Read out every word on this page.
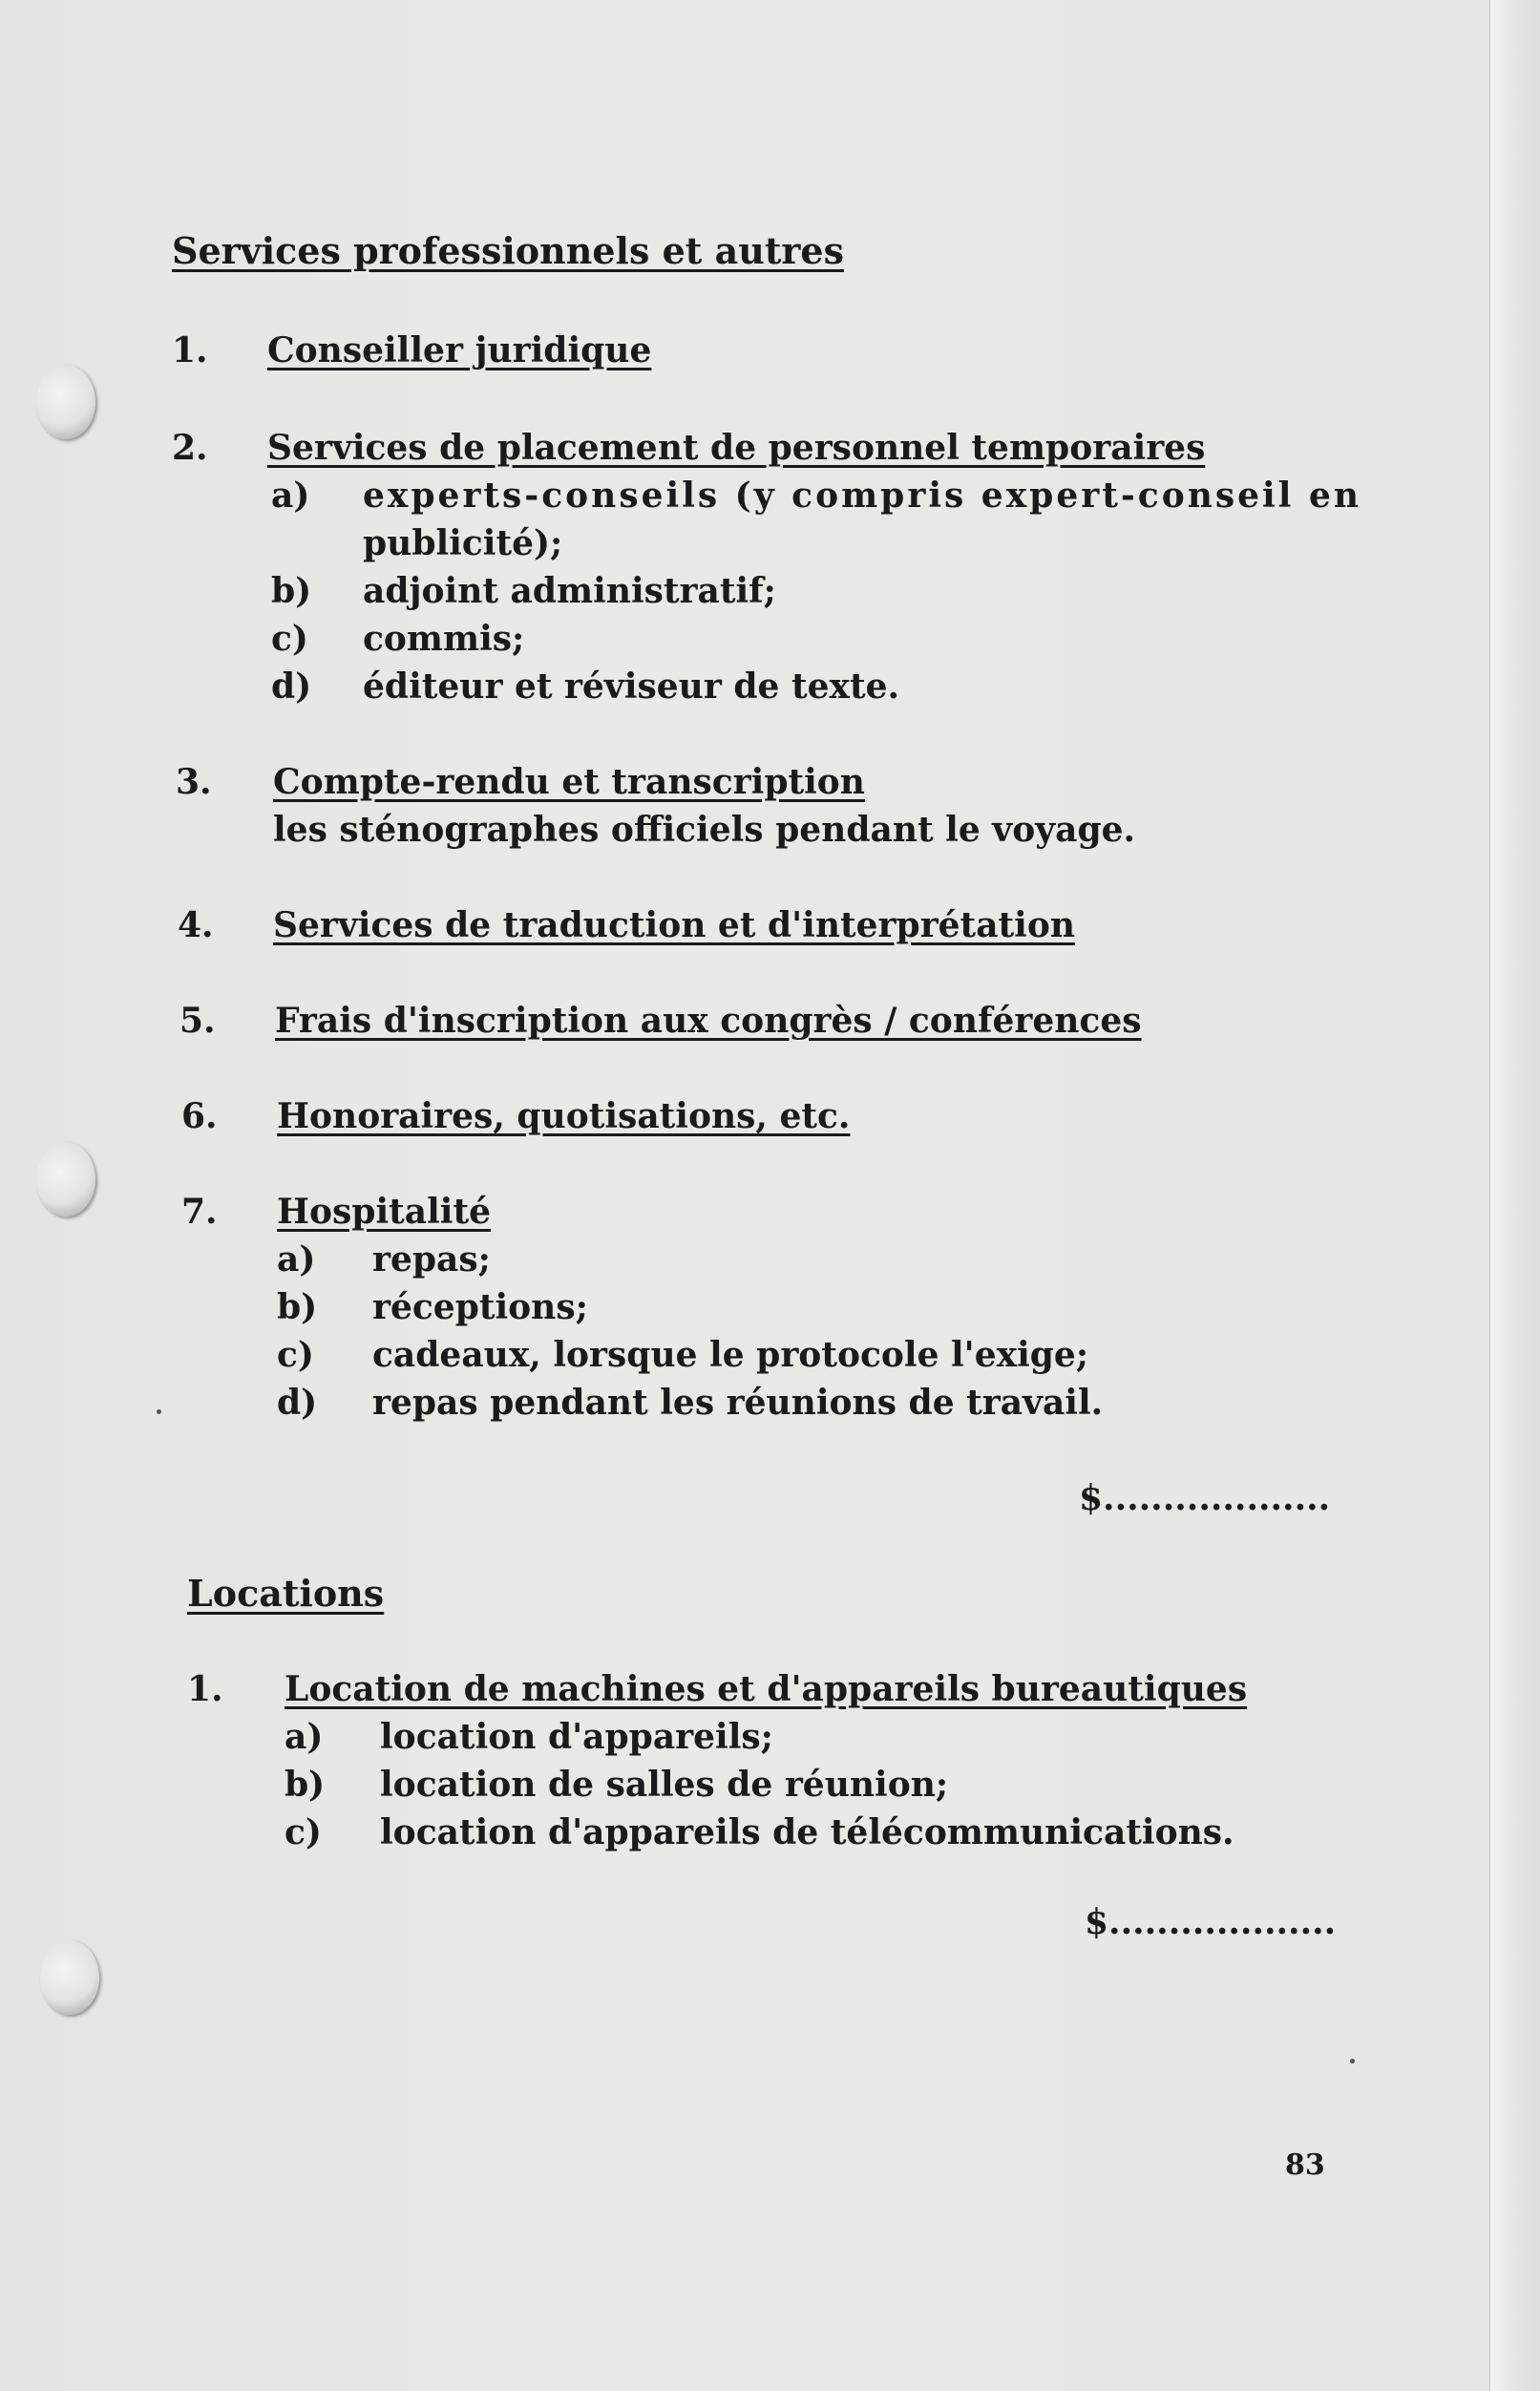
Services professionnels et autres
1. Conseiller juridique
2. Services de placement de personnel temporaires
a) experts-conseils (y compris expert-conseil en
publicité);
b) adjoint administratif;
c) commis;
d) éditeur et réviseur de texte.
3. Compte-rendu et transcription
les sténographes officiels pendant le voyage.
4. Services de traduction et d'interprétation
5. Frais d'inscription aux congrès / conférences
6. Honoraires, quotisations, etc.
7. Hospitalité
a) repas;
b) réceptions;
c) cadeaux, lorsque le protocole l'exige;
d) repas pendant les réunions de travail.
$...................
Locations
1. Location de machines et d'appareils bureautiques
a) location d'appareils;
b) location de salles de réunion;
c) location d'appareils de télécommunications.
$...................
83
